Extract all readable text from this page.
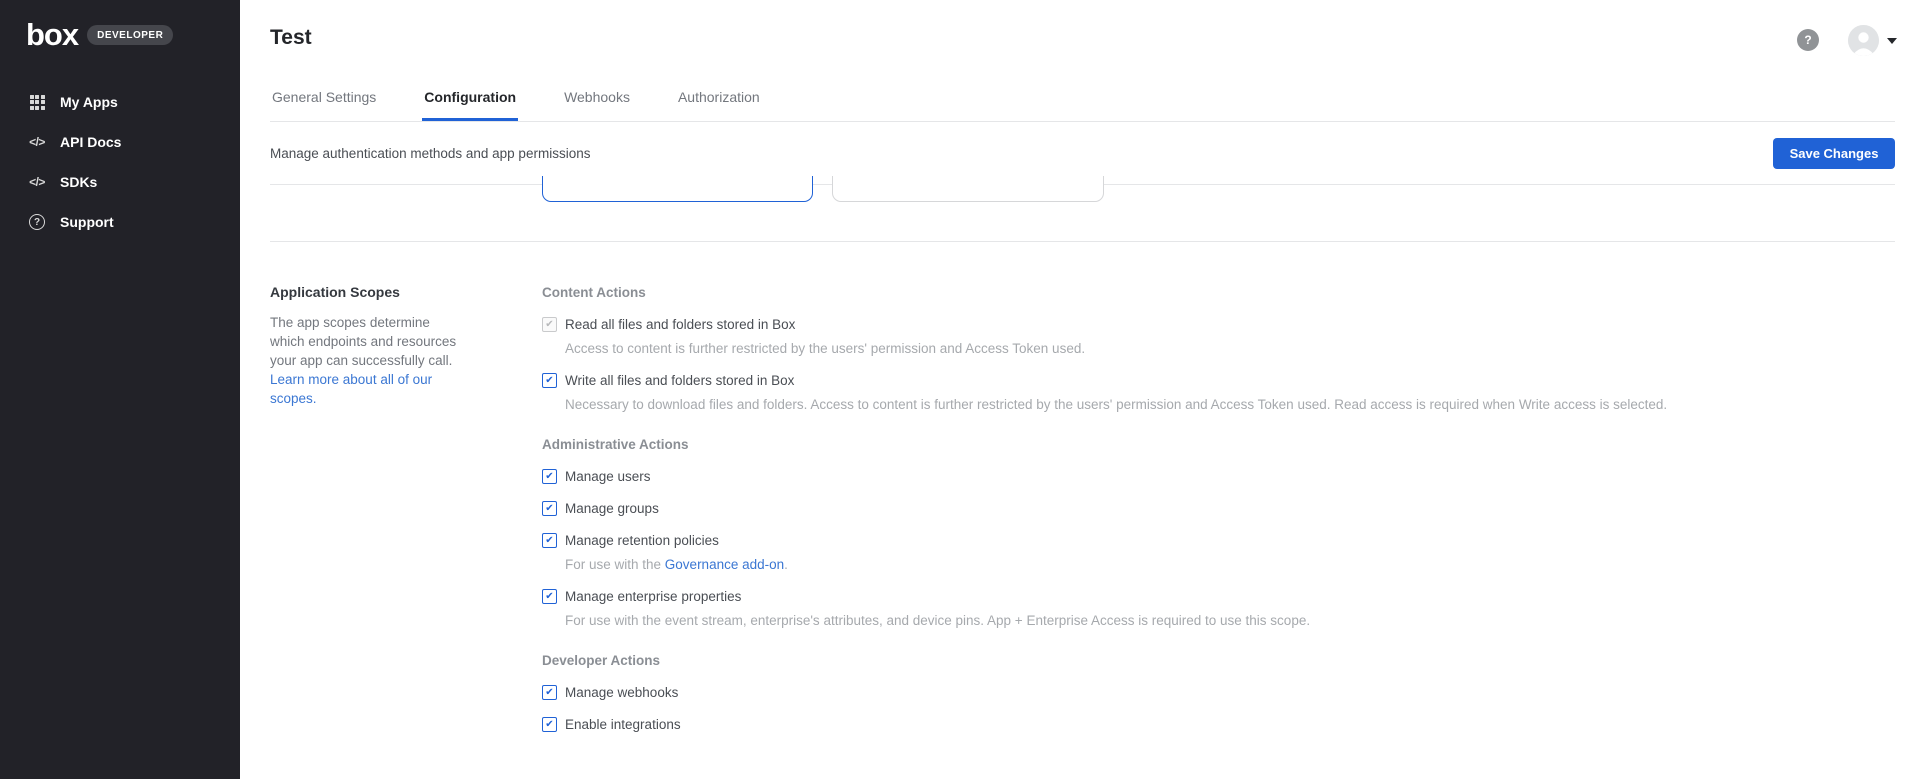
box	DEVELOPER
My Apps
</> API Docs
</> SDKs
?	Support
Test	?
General Settings	Configuration	Webhooks	Authorization
Manage authentication methods and app permissions	Save Changes
Application Scopes
The app scopes determine which endpoints and resources your app can successfully call. Learn more about all of our scopes.
Content Actions
✔
Read all files and folders stored in Box
Access to content is further restricted by the users' permission and Access Token used.
✔
Write all files and folders stored in Box
Necessary to download files and folders. Access to content is further restricted by the users' permission and Access Token used. Read access is required when Write access is selected.
Administrative Actions
✔
Manage users
✔
Manage groups
✔
Manage retention policies
For use with the Governance add-on.
✔
Manage enterprise properties
For use with the event stream, enterprise's attributes, and device pins. App + Enterprise Access is required to use this scope.
Developer Actions
✔
Manage webhooks
✔
Enable integrations
